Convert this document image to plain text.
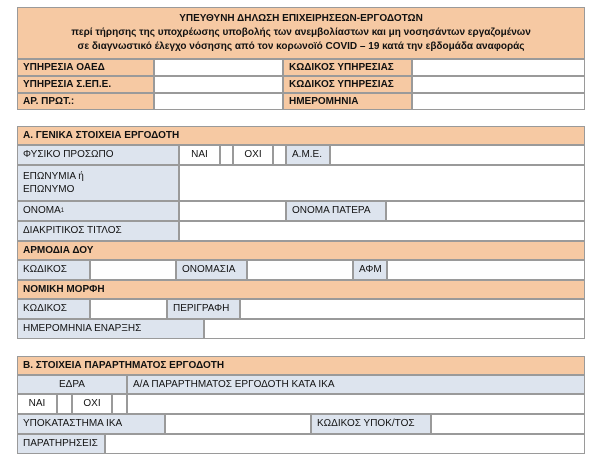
ΥΠΕΥΘΥΝΗ ΔΗΛΩΣΗ ΕΠΙΧΕΙΡΗΣΕΩΝ-ΕΡΓΟΔΟΤΩΝ
περί τήρησης της υποχρέωσης υποβολής των ανεμβολίαστων και μη νοσησάντων εργαζομένων
σε διαγνωστικό έλεγχο νόσησης από τον κορωνοϊό COVID – 19 κατά την εβδομάδα αναφοράς
ΥΠΗΡΕΣΙΑ ΟΑΕΔ	ΚΩΔΙΚΟΣ ΥΠΗΡΕΣΙΑΣ
ΥΠΗΡΕΣΙΑ Σ.ΕΠ.Ε.	ΚΩΔΙΚΟΣ ΥΠΗΡΕΣΙΑΣ
ΑΡ. ΠΡΩΤ.:	ΗΜΕΡΟΜΗΝΙΑ
Α. ΓΕΝΙΚΑ ΣΤΟΙΧΕΙΑ ΕΡΓΟΔΟΤΗ
ΦΥΣΙΚΟ ΠΡΟΣΩΠΟ	ΝΑΙ	ΟΧΙ	Α.Μ.Ε.
ΕΠΩΝΥΜΙΑ ή
ΕΠΩΝΥΜΟ
ΟΝΟΜΑ 1	ΟΝΟΜΑ ΠΑΤΕΡΑ
ΔΙΑΚΡΙΤΙΚΟΣ ΤΙΤΛΟΣ
ΑΡΜΟΔΙΑ ΔΟΥ
ΚΩΔΙΚΟΣ	ΟΝΟΜΑΣΙΑ	ΑΦΜ
ΝΟΜΙΚΗ ΜΟΡΦΗ
ΚΩΔΙΚΟΣ	ΠΕΡΙΓΡΑΦΗ
ΗΜΕΡΟΜΗΝΙΑ ΕΝΑΡΞΗΣ
Β. ΣΤΟΙΧΕΙΑ ΠΑΡΑΡΤΗΜΑΤΟΣ ΕΡΓΟΔΟΤΗ
ΕΔΡΑ	Α/Α ΠΑΡΑΡΤΗΜΑΤΟΣ ΕΡΓΟΔΟΤΗ ΚΑΤΑ ΙΚΑ
ΝΑΙ	ΟΧΙ
ΥΠΟΚΑΤΑΣΤΗΜΑ ΙΚΑ	ΚΩΔΙΚΟΣ ΥΠΟΚ/ΤΟΣ
ΠΑΡΑΤΗΡΗΣΕΙΣ
